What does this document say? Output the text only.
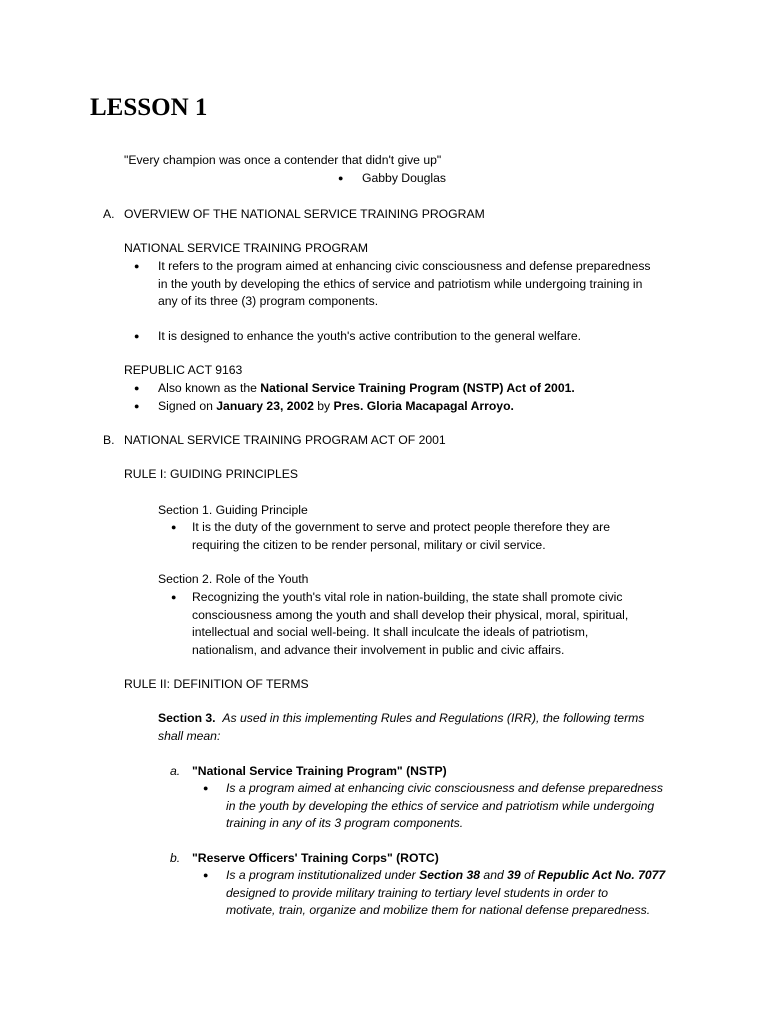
LESSON 1
"Every champion was once a contender that didn't give up"
● Gabby Douglas
A. OVERVIEW OF THE NATIONAL SERVICE TRAINING PROGRAM
NATIONAL SERVICE TRAINING PROGRAM
● It refers to the program aimed at enhancing civic consciousness and defense preparedness
in the youth by developing the ethics of service and patriotism while undergoing training in
any of its three (3) program components.
● It is designed to enhance the youth's active contribution to the general welfare.
REPUBLIC ACT 9163
● Also known as the National Service Training Program (NSTP) Act of 2001.
● Signed on January 23, 2002 by Pres. Gloria Macapagal Arroyo.
B. NATIONAL SERVICE TRAINING PROGRAM ACT OF 2001
RULE I: GUIDING PRINCIPLES
Section 1. Guiding Principle
● It is the duty of the government to serve and protect people therefore they are
requiring the citizen to be render personal, military or civil service.
Section 2. Role of the Youth
● Recognizing the youth's vital role in nation-building, the state shall promote civic
consciousness among the youth and shall develop their physical, moral, spiritual,
intellectual and social well-being. It shall inculcate the ideals of patriotism,
nationalism, and advance their involvement in public and civic affairs.
RULE II: DEFINITION OF TERMS
Section 3. As used in this implementing Rules and Regulations (IRR), the following terms
shall mean:
a. "National Service Training Program" (NSTP)
● Is a program aimed at enhancing civic consciousness and defense preparedness
in the youth by developing the ethics of service and patriotism while undergoing
training in any of its 3 program components.
b. "Reserve Officers' Training Corps" (ROTC)
● Is a program institutionalized under Section 38 and 39 of Republic Act No. 7077
designed to provide military training to tertiary level students in order to
motivate, train, organize and mobilize them for national defense preparedness.
